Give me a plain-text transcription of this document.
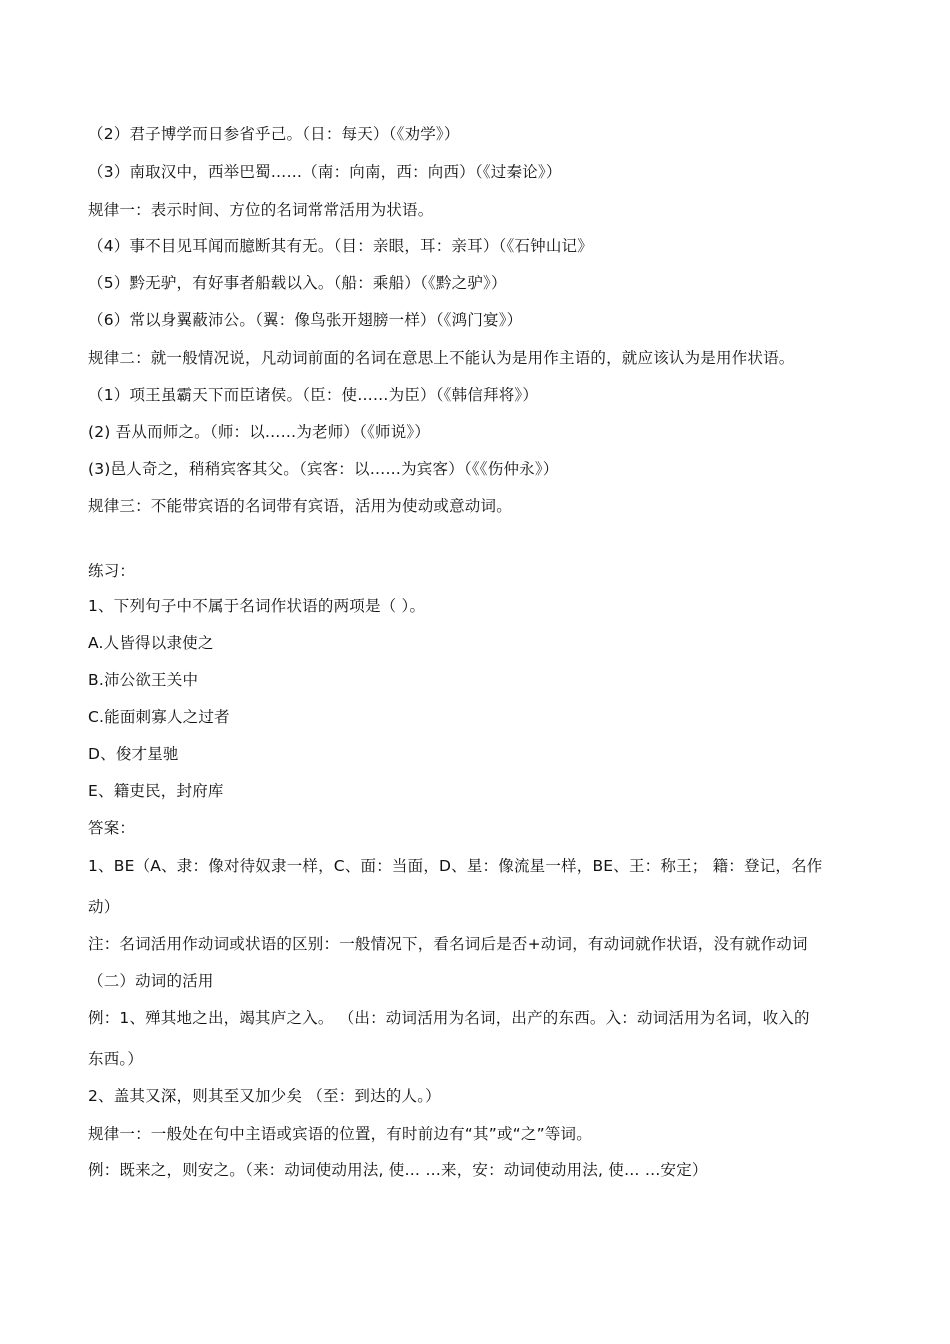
（2）君子博学而日参省乎己。（日：每天）（《劝学》）
（3）南取汉中，西举巴蜀……（南：向南，西：向西）（《过秦论》）
规律一：表示时间、方位的名词常常活用为状语。
（4）事不目见耳闻而臆断其有无。（目：亲眼，耳：亲耳）（《石钟山记》
（5）黔无驴，有好事者船载以入。（船：乘船）（《黔之驴》）
（6）常以身翼蔽沛公。（翼：像鸟张开翅膀一样）（《鸿门宴》）
规律二：就一般情况说，凡动词前面的名词在意思上不能认为是用作主语的，就应该认为是用作状语。
（1）项王虽霸天下而臣诸侯。（臣：使……为臣）（《韩信拜将》）
(2) 吾从而师之。（师：以……为老师）（《师说》）
(3)邑人奇之，稍稍宾客其父。（宾客：以……为宾客）（《《伤仲永》）
规律三：不能带宾语的名词带有宾语，活用为使动或意动词。
练习：
1、下列句子中不属于名词作状语的两项是（ ）。
A.人皆得以隶使之
B.沛公欲王关中
C.能面刺寡人之过者
D、俊才星驰
E、籍吏民，封府库
答案：
1、BE（A、隶：像对待奴隶一样，C、面：当面，D、星：像流星一样，BE、王：称王； 籍：登记，名作
动）
注：名词活用作动词或状语的区别：一般情况下，看名词后是否+动词，有动词就作状语，没有就作动词
（二）动词的活用
例：1、殚其地之出，竭其庐之入。 （出：动词活用为名词，出产的东西。入：动词活用为名词，收入的
东西。）
2、盖其又深，则其至又加少矣 （至：到达的人。）
规律一：一般处在句中主语或宾语的位置，有时前边有“其”或“之”等词。
例：既来之，则安之。（来：动词使动用法, 使… …来，安：动词使动用法, 使… …安定）
